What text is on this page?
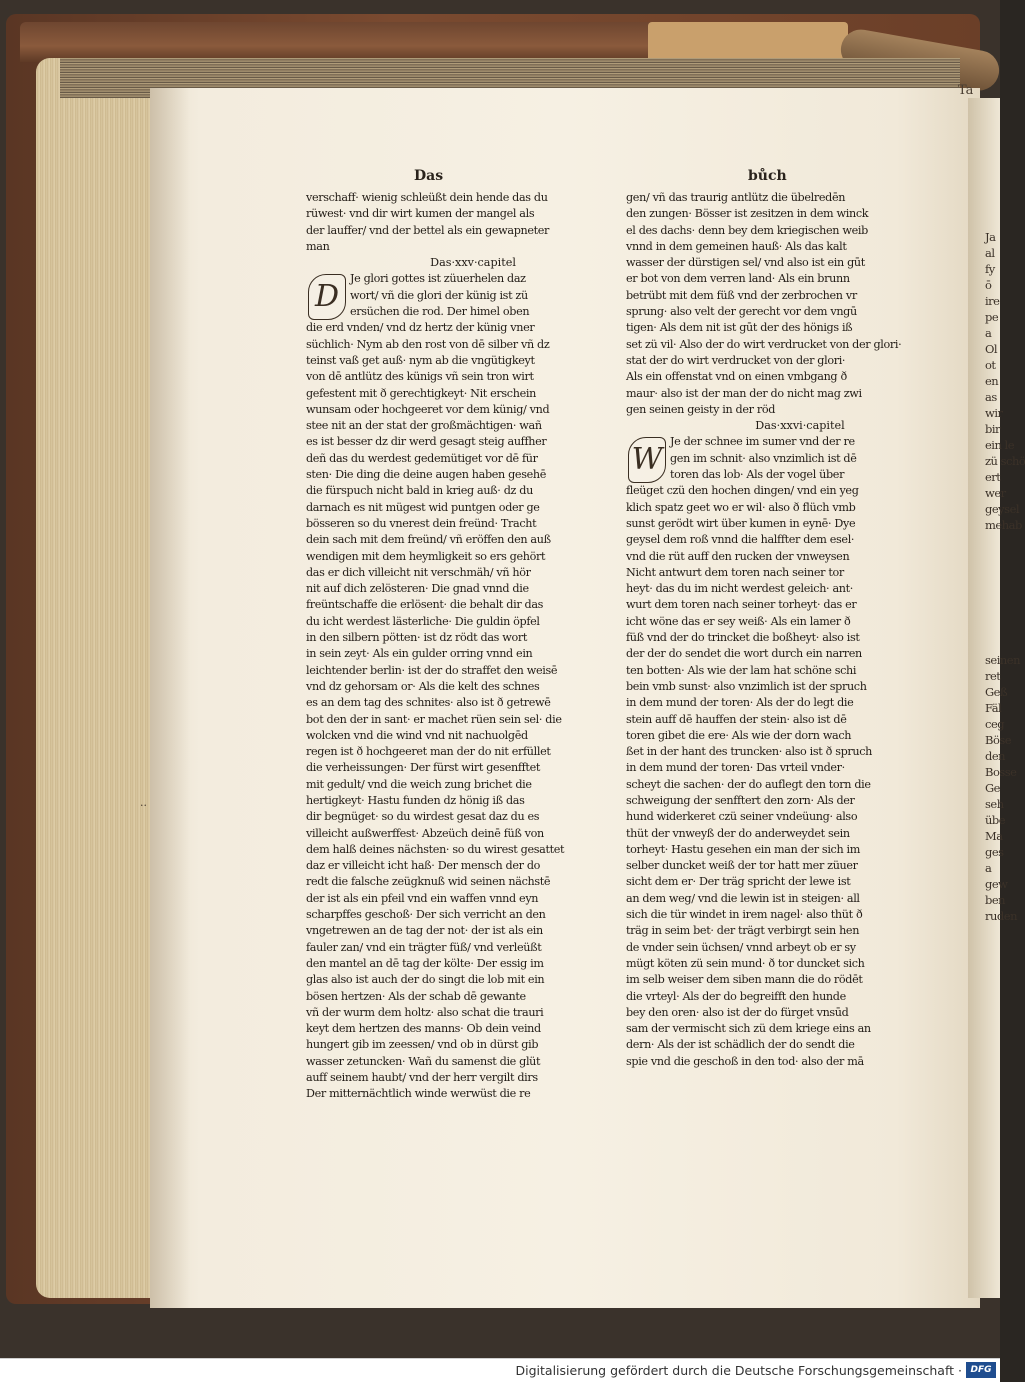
Ta
··
Das	bůch
verschaff· wienig schleüßt dein hende das du
rüwest· vnd dir wirt kumen der mangel als
der lauffer/ vnd der bettel als ein gewapneter
man
Das·xxv·capitel
Je glori gottes ist züuerhelen daz
wort/ vñ die glori der künig ist zü
ersüchen die rod. Der himel oben
die erd vnden/ vnd dz hertz der künig vner
süchlich· Nym ab den rost von dē silber vñ dz
teinst vaß get auß· nym ab die vngütigkeyt
von dē antlütz des künigs vñ sein tron wirt
gefestent mit ð gerechtigkeyt· Nit erschein
wunsam oder hochgeeret vor dem künig/ vnd
stee nit an der stat der großmächtigen· wañ
es ist besser dz dir werd gesagt steig auffher
deñ das du werdest gedemütiget vor dē für
sten· Die ding die deine augen haben gesehē
die fürspuch nicht bald in krieg auß· dz du
darnach es nit mügest wid puntgen oder ge
bösseren so du vnerest dein freünd· Tracht
dein sach mit dem freünd/ vñ eröffen den auß
wendigen mit dem heymligkeit so ers gehört
das er dich villeicht nit verschmäh/ vñ hör
nit auf dich zelösteren· Die gnad vnnd die
freüntschaffe die erlösent· die behalt dir das
du icht werdest lästerliche· Die guldin öpfel
in den silbern pötten· ist dz rödt das wort
in sein zeyt· Als ein gulder orring vnnd ein
leichtender berlin· ist der do straffet den weisē
vnd dz gehorsam or· Als die kelt des schnes
es an dem tag des schnites· also ist ð getrewē
bot den der in sant· er machet rüen sein sel· die
wolcken vnd die wind vnd nit nachuolgēd
regen ist ð hochgeeret man der do nit erfüllet
die verheissungen· Der fürst wirt gesenfftet
mit gedult/ vnd die weich zung brichet die
hertigkeyt· Hastu funden dz hönig iß das
dir begnüget· so du wirdest gesat daz du es
villeicht außwerffest· Abzeüch deinē füß von
dem halß deines nächsten· so du wirest gesattet
daz er villeicht icht haß· Der mensch der do
redt die falsche zeügknuß wid seinen nächstē
der ist als ein pfeil vnd ein waffen vnnd eyn
scharpffes geschoß· Der sich verricht an den
vngetrewen an de tag der not· der ist als ein
fauler zan/ vnd ein trägter füß/ vnd verleüßt
den mantel an dē tag der költe· Der essig im
glas also ist auch der do singt die lob mit ein
bösen hertzen· Als der schab dē gewante
vñ der wurm dem holtz· also schat die trauri
keyt dem hertzen des manns· Ob dein veind
hungert gib im zeessen/ vnd ob in dürst gib
wasser zetuncken· Wañ du samenst die glüt
auff seinem haubt/ vnd der herr vergilt dirs
Der mitternächtlich winde werwüst die re
D
gen/ vñ das traurig antlütz die übelredēn
den zungen· Bösser ist zesitzen in dem winck
el des dachs· denn bey dem kriegischen weib
vnnd in dem gemeinen hauß· Als das kalt
wasser der dürstigen sel/ vnd also ist ein gūt
er bot von dem verren land· Als ein brunn
betrübt mit dem füß vnd der zerbrochen vr
sprung· also velt der gerecht vor dem vngū
tigen· Als dem nit ist gūt der des hönigs iß
set zü vil· Also der do wirt verdrucket von der glori·
stat der do wirt verdrucket von der glori·
Als ein offenstat vnd on einen vmbgang ð
maur· also ist der man der do nicht mag zwi
gen seinen geisty in der röd
Das·xxvi·capitel
Je der schnee im sumer vnd der re
gen im schnit· also vnzimlich ist dē
toren das lob· Als der vogel über
fleüget czü den hochen dingen/ vnd ein yeg
klich spatz geet wo er wil· also ð flüch vmb
sunst gerödt wirt über kumen in eynē· Dye
geysel dem roß vnnd die halffter dem esel·
vnd die rüt auff den rucken der vnweysen
Nicht antwurt dem toren nach seiner tor
heyt· das du im nicht werdest geleich· ant·
wurt dem toren nach seiner torheyt· das er
icht wöne das er sey weiß· Als ein lamer ð
füß vnd der do trincket die boßheyt· also ist
der der do sendet die wort durch ein narren
ten botten· Als wie der lam hat schöne schi
bein vmb sunst· also vnzimlich ist der spruch
in dem mund der toren· Als der do legt die
stein auff dē hauffen der stein· also ist dē
toren gibet die ere· Als wie der dorn wach
ßet in der hant des truncken· also ist ð spruch
in dem mund der toren· Das vrteil vnder·
scheyt die sachen· der do auflegt den torn die
schweigung der senfftert den zorn· Als der
hund widerkeret czü seiner vndeüung· also
thüt der vnweyß der do anderweydet sein
torheyt· Hastu gesehen ein man der sich im
selber duncket weiß der tor hatt mer züuer
sicht dem er· Der träg spricht der lewe ist
an dem weg/ vnd die lewin ist in steigen· all
sich die tür windet in irem nagel· also thüt ð
träg in seim bet· der trägt verbirgt sein hen
de vnder sein üchsen/ vnnd arbeyt ob er sy
mügt köten zü sein mund· ð tor duncket sich
im selb weiser dem siben mann die do rödēt
die vrteyl· Als der do begreifft den hunde
bey den oren· also ist der do fürget vnsūd
sam der vermischt sich zü dem kriege eins an
dern· Als der ist schädlich der do sendt die
spie vnd die geschoß in den tod· also der mā
W
Ja
al
fy
ō
ire
pe
a
Ol
ot
en
as
wir
bir
ein le
zü schö
ert
wer
geysel
mehab
seinen
ret
Geß
Fäl
ceg
Böse
den
Bosse
Ge
seh
übe
Ma
ges
a
gew
ben
ruden
Digitalisierung gefördert durch die Deutsche Forschungsgemeinschaft · DFG
